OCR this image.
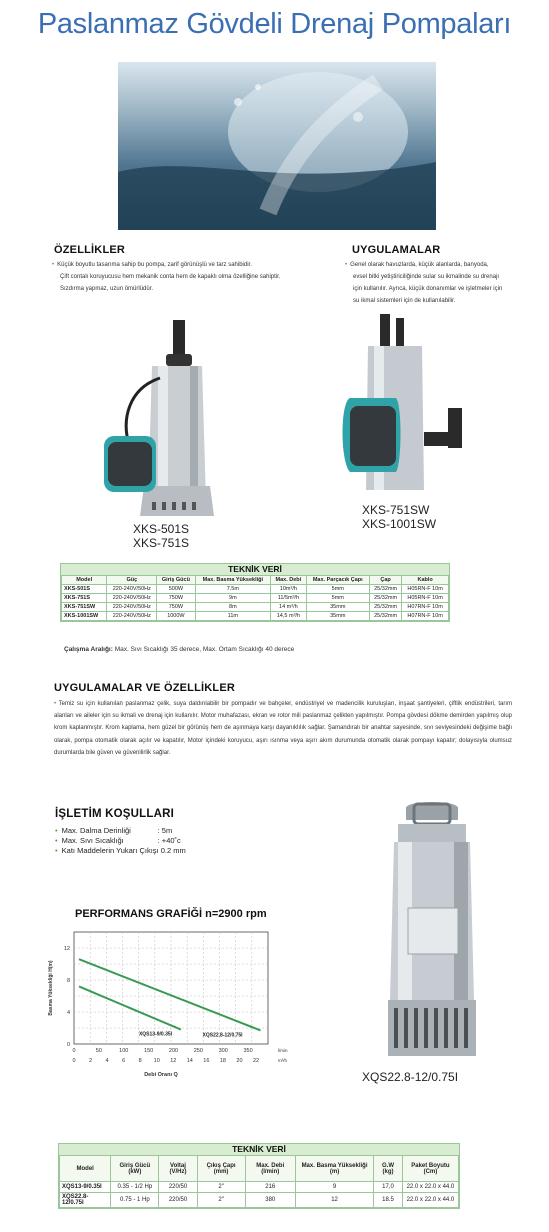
Paslanmaz Gövdeli Drenaj Pompaları
ÖZELLİKLER
• Küçük boyutlu tasarıma sahip bu pompa, zarif görünüşlü ve tarz sahibidir.
Çift contalı koruyucusu hem mekanik conta hem de kapaklı olma özelliğine sahiptir.
Sızdırma yapmaz, uzun ömürlüdür.
UYGULAMALAR
• Genel olarak havuzlarda, küçük alanlarda, banyoda,
evsel bitki yetiştiriciliğinde sular su ikmalinde su drenajı
için kullanılır. Ayrıca, küçük donanımlar ve işletmeler için
su ikmal sistemleri için de kullanılabilir.
XKS-501S
XKS-751S
XKS-751SW
XKS-1001SW
TEKNİK VERİ
Model	Güç	Giriş Gücü	Max. Basma Yüksekliği	Max. Debi	Max. Parçacık Çapı	Çap	Kablo
XKS-501S	220-240V/50Hz	500W	7.5m	10m³/h	5mm	25/32mm	H05RN-F 10m
XKS-751S	220-240V/50Hz	750W	9m	11/5m³/h	5mm	25/32mm	H05RN-F 10m
XKS-751SW	220-240V/50Hz	750W	8m	14 m³/h	35mm	25/32mm	H07RN-F 10m
XKS-1001SW	220-240V/50Hz	1000W	11m	14,5 m³/h	35mm	25/32mm	H07RN-F 10m
Çalışma Aralığı: Max. Sıvı Sıcaklığı 35 derece, Max. Ortam Sıcaklığı 40 derece
UYGULAMALAR VE ÖZELLİKLER
• Temiz su için kullanılan paslanmaz çelik, suya daldırılabilir bir pompadır ve bahçeler, endüstriyel ve madencilik kuruluşları, inşaat şantiyeleri, çiftlik endüstrileri, tarım alanları ve aileler için su ikmali ve drenaj için kullanılır. Motor muhafazası, ekran ve rotor mili paslanmaz çelikten yapılmıştır. Pompa gövdesi dökme demirden yapılmış olup krom kaplanmıştır. Krom kaplama, hem güzel bir görünüş hem de aşınmaya karşı dayanıklılık sağlar. Şamandıralı bir anahtar sayesinde, sıvı seviyesindeki değişime bağlı olarak, pompa otomatik olarak açılır ve kapatılır, Motor içindeki koruyucu, aşırı ısınma veya aşırı akım durumunda otomatik olarak pompayı kapatır; dolayısıyla olumsuz durumlarda bile güven ve güvenilirlik sağlar.
İŞLETİM KOŞULLARI
• Max. Dalma Derinliği	: 5m
• Max. Sıvı Sıcaklığı	: +40˚c
• Katı Maddelerin Yukarı Çıkışı 0.2 mm
XQS22.8-12/0.75I
PERFORMANS GRAFİĞİ n=2900 rpm
0
4
8
12
Basma Yüksekliği H(m)
0	50	100	150	200	250	300	350	l/min
0 2 4 6 8 10 12 14 16 18 20 22	m³/h
Debi Oranı Q
XQS13-9/0.35I	XQS22.8-12/0.75I
TEKNİK VERİ
Model	Giriş Gücü (kW)	Voltaj (V/Hz)	Çıkış Çapı (mm)	Max. Debi (l/min)	Max. Basma Yüksekliği (m)	G.W (kg)	Paket Boyutu (Cm)
XQS13-9/0.35I	0.35 - 1/2 Hp	220/50	2"	216	9	17,0	22.0 x 22.0 x 44.0
XQS22.8-12/0.75I	0.75 - 1 Hp	220/50	2"	380	12	18.5	22.0 x 22.0 x 44.0
